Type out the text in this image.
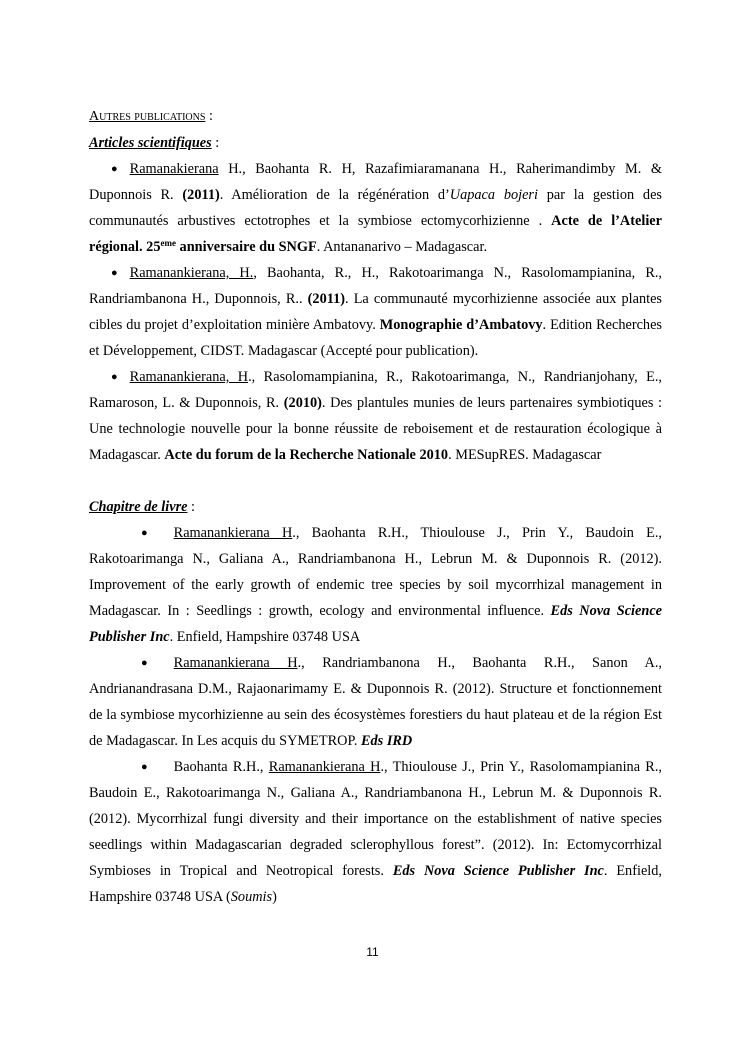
Autres publications :
Articles scientifiques :
● Ramanakierana H., Baohanta R. H, Razafimiaramanana H., Raherimandimby M. & Duponnois R. (2011). Amélioration de la régénération d’Uapaca bojeri par la gestion des communautés arbustives ectotrophes et la symbiose ectomycorhizienne . Acte de l’Atelier régional. 25eme anniversaire du SNGF. Antananarivo – Madagascar.
● Ramanankierana, H., Baohanta, R., H., Rakotoarimanga N., Rasolomampianina, R., Randriambanona H., Duponnois, R.. (2011). La communauté mycorhizienne associée aux plantes cibles du projet d’exploitation minière Ambatovy. Monographie d’Ambatovy. Edition Recherches et Développement, CIDST. Madagascar (Accepté pour publication).
● Ramanankierana, H., Rasolomampianina, R., Rakotoarimanga, N., Randrianjohany, E., Ramaroson, L. & Duponnois, R. (2010). Des plantules munies de leurs partenaires symbiotiques : Une technologie nouvelle pour la bonne réussite de reboisement et de restauration écologique à Madagascar. Acte du forum de la Recherche Nationale 2010. MESupRES. Madagascar
Chapitre de livre :
● Ramanankierana H., Baohanta R.H., Thioulouse J., Prin Y., Baudoin E., Rakotoarimanga N., Galiana A., Randriambanona H., Lebrun M. & Duponnois R. (2012). Improvement of the early growth of endemic tree species by soil mycorrhizal management in Madagascar. In : Seedlings : growth, ecology and environmental influence. Eds Nova Science Publisher Inc. Enfield, Hampshire 03748 USA
● Ramanankierana H., Randriambanona H., Baohanta R.H., Sanon A., Andrianandrasana D.M., Rajaonarimamy E. & Duponnois R. (2012). Structure et fonctionnement de la symbiose mycorhizienne au sein des écosystèmes forestiers du haut plateau et de la région Est de Madagascar. In Les acquis du SYMETROP. Eds IRD
● Baohanta R.H., Ramanankierana H., Thioulouse J., Prin Y., Rasolomampianina R., Baudoin E., Rakotoarimanga N., Galiana A., Randriambanona H., Lebrun M. & Duponnois R. (2012). Mycorrhizal fungi diversity and their importance on the establishment of native species seedlings within Madagascarian degraded sclerophyllous forest”. (2012). In: Ectomycorrhizal Symbioses in Tropical and Neotropical forests. Eds Nova Science Publisher Inc. Enfield, Hampshire 03748 USA (Soumis)
11
